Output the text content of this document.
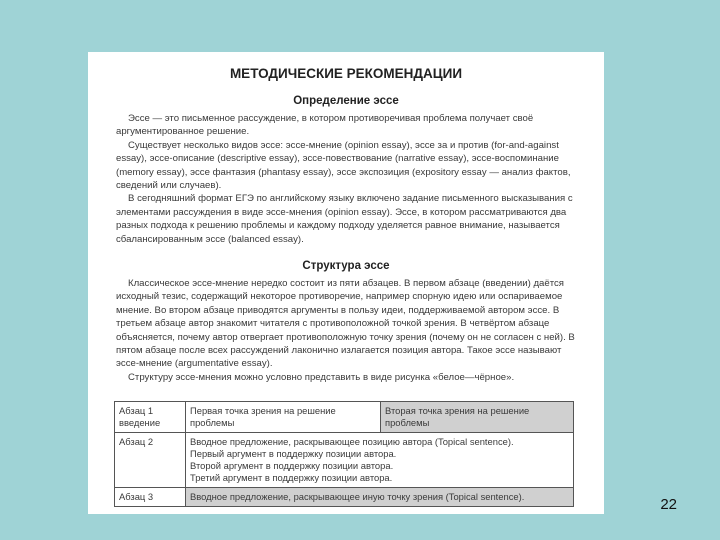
МЕТОДИЧЕСКИЕ РЕКОМЕНДАЦИИ
Определение эссе

Эссе — это письменное рассуждение, в котором противоречивая проблема получает своё аргументированное решение.

Существует несколько видов эссе: эссе-мнение (opinion essay), эссе за и против (for-and-against essay), эссе-описание (descriptive essay), эссе-повествование (narrative essay), эссе-воспоминание (memory essay), эссе фантазия (phantasy essay), эссе экспозиция (expository essay — анализ фактов, сведений или случаев).

В сегодняшний формат ЕГЭ по английскому языку включено задание письменного высказывания с элементами рассуждения в виде эссе-мнения (opinion essay). Эссе, в котором рассматриваются два разных подхода к решению проблемы и каждому подходу уделяется равное внимание, называется сбалансированным эссе (balanced essay).

Структура эссе

Классическое эссе-мнение нередко состоит из пяти абзацев. В первом абзаце (введении) даётся исходный тезис, содержащий некоторое противоречие, например спорную идею или оспариваемое мнение. Во втором абзаце приводятся аргументы в пользу идеи, поддерживаемой автором эссе. В третьем абзаце автор знакомит читателя с противоположной точкой зрения. В четвёртом абзаце объясняется, почему автор отвергает противоположную точку зрения (почему он не согласен с ней). В пятом абзаце после всех рассуждений лаконично излагается позиция автора. Такое эссе называют эссе-мнение (argumentative essay).

Структуру эссе-мнения можно условно представить в виде рисунка «белое—чёрное».

Абзац 1 введение	Первая точка зрения на решение проблемы	Вторая точка зрения на решение проблемы
Абзац 2	Вводное предложение, раскрывающее позицию автора (Topical sentence).
Первый аргумент в поддержку позиции автора.
Второй аргумент в поддержку позиции автора.
Третий аргумент в поддержку позиции автора.	

Абзац 3	Вводное предложение, раскрывающее иную точку зрения (Topical sentence).		22
